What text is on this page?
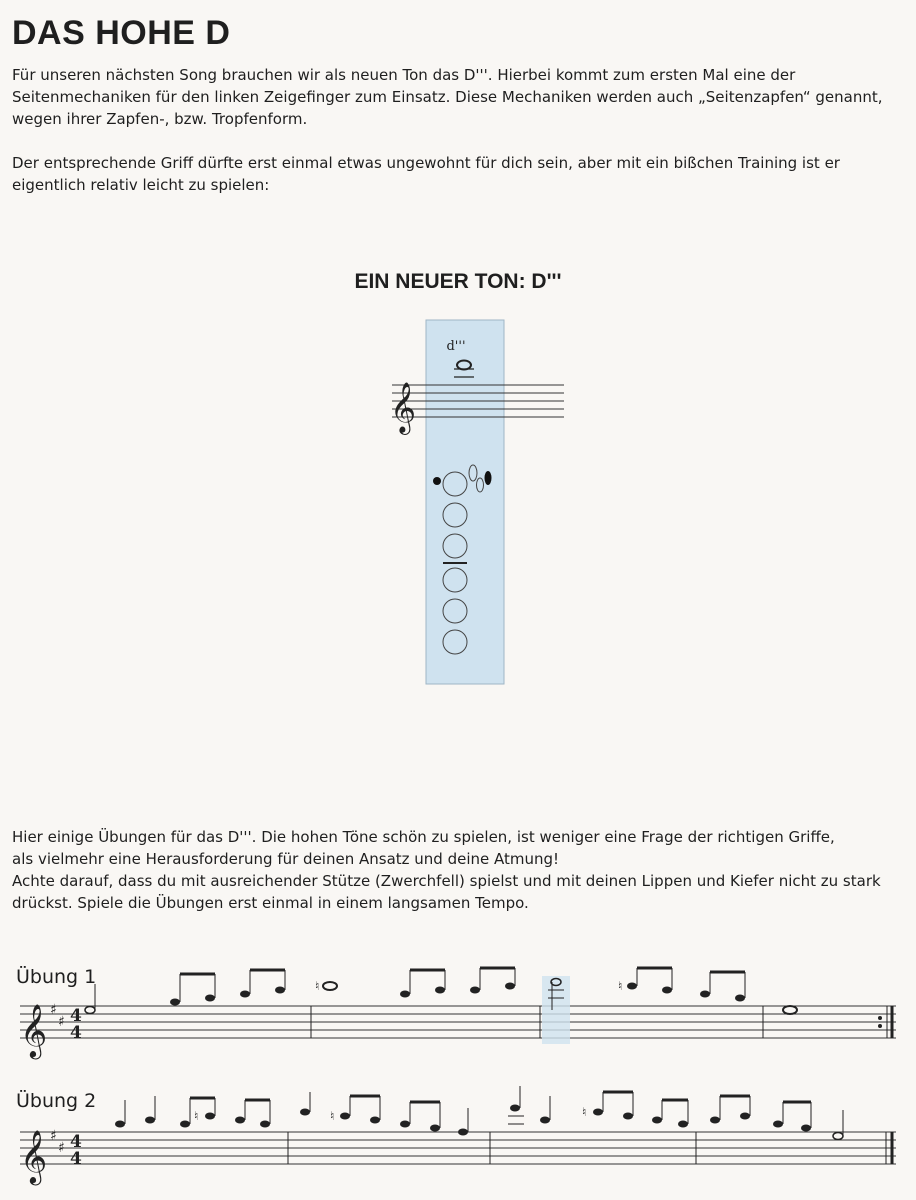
DAS HOHE D

Für unseren nächsten Song brauchen wir als neuen Ton das D'''. Hierbei kommt zum ersten Mal eine der Seitenmechaniken für den linken Zeigefinger zum Einsatz. Diese Mechaniken werden auch „Seitenzapfen“ genannt, wegen ihrer Zapfen-, bzw. Tropfenform.

Der entsprechende Griff dürfte erst einmal etwas ungewohnt für dich sein, aber mit ein bißchen Training ist er eigentlich relativ leicht zu spielen:

EIN NEUER TON: D'''
𝄞
d'''

Hier einige Übungen für das D'''. Die hohen Töne schön zu spielen, ist weniger eine Frage der richtigen Griffe,

als vielmehr eine Herausforderung für deinen Ansatz und deine Atmung!

Achte darauf, dass du mit ausreichender Stütze (Zwerchfell) spielst und mit deinen Lippen und Kiefer nicht zu stark

drückst. Spiele die Übungen erst einmal in einem langsamen Tempo.

Übung 1
Übung 2
𝄞 ♯
♯ 4
4
♮	♮
𝄞 ♯
♯ 4
4
♮	♮	♮
